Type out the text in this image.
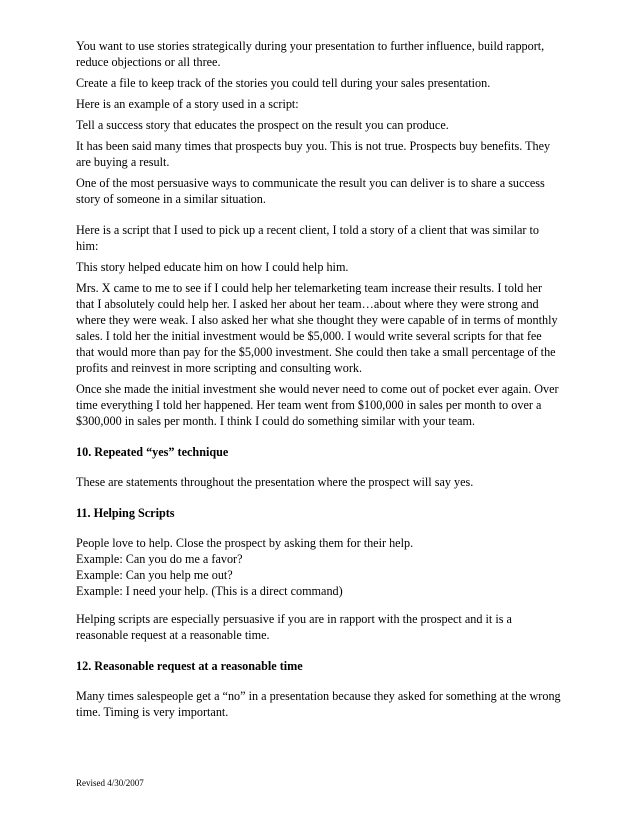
You want to use stories strategically during your presentation to further influence, build rapport, reduce objections or all three.

Create a file to keep track of the stories you could tell during your sales presentation.

Here is an example of a story used in a script:

Tell a success story that educates the prospect on the result you can produce.

It has been said many times that prospects buy you. This is not true. Prospects buy benefits. They are buying a result.

One of the most persuasive ways to communicate the result you can deliver is to share a success story of someone in a similar situation.

Here is a script that I used to pick up a recent client, I told a story of a client that was similar to him:

This story helped educate him on how I could help him.

Mrs. X came to me to see if I could help her telemarketing team increase their results. I told her that I absolutely could help her. I asked her about her team…about where they were strong and where they were weak. I also asked her what she thought they were capable of in terms of monthly sales. I told her the initial investment would be $5,000. I would write several scripts for that fee that would more than pay for the $5,000 investment. She could then take a small percentage of the profits and reinvest in more scripting and consulting work.

Once she made the initial investment she would never need to come out of pocket ever again. Over time everything I told her happened. Her team went from $100,000 in sales per month to over a $300,000 in sales per month. I think I could do something similar with your team.

10. Repeated “yes” technique

These are statements throughout the presentation where the prospect will say yes.

11. Helping Scripts

People love to help. Close the prospect by asking them for their help.
Example: Can you do me a favor?
Example: Can you help me out?
Example: I need your help. (This is a direct command)

Helping scripts are especially persuasive if you are in rapport with the prospect and it is a reasonable request at a reasonable time.

12. Reasonable request at a reasonable time

Many times salespeople get a “no” in a presentation because they asked for something at the wrong time. Timing is very important.

Revised 4/30/2007
